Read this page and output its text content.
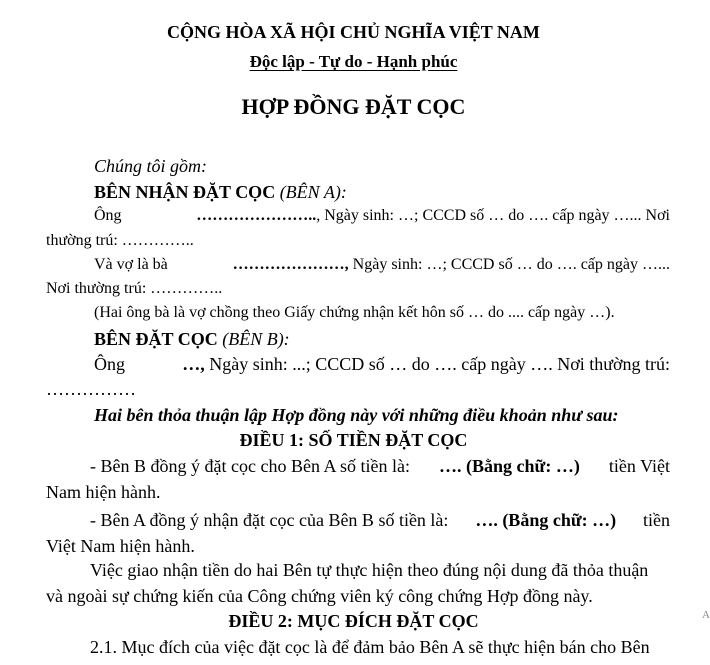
CỘNG HÒA XÃ HỘI CHỦ NGHĨA VIỆT NAM
Độc lập - Tự do - Hạnh phúc
HỢP ĐỒNG ĐẶT CỌC
Chúng tôi gồm:
BÊN NHẬN ĐẶT CỌC (BÊN A):
Ông	………………….., Ngày sinh: …; CCCD số … do …. cấp ngày …... Nơi
thường trú: …………..
Và vợ là bà	…………………, Ngày sinh: …; CCCD số … do …. cấp ngày …...
Nơi thường trú: …………..
(Hai ông bà là vợ chồng theo Giấy chứng nhận kết hôn số … do .... cấp ngày …).
BÊN ĐẶT CỌC (BÊN B):
Ông	…, Ngày sinh: ...; CCCD số … do …. cấp ngày …. Nơi thường trú:
……………
Hai bên thỏa thuận lập Hợp đồng này với những điều khoản như sau:
ĐIỀU 1: SỐ TIỀN ĐẶT CỌC
- Bên B đồng ý đặt cọc cho Bên A số tiền là: …. (Bằng chữ: …) tiền Việt
Nam hiện hành.
- Bên A đồng ý nhận đặt cọc của Bên B số tiền là: …. (Bằng chữ: …) tiền
Việt Nam hiện hành.
Việc giao nhận tiền do hai Bên tự thực hiện theo đúng nội dung đã thỏa thuận
và ngoài sự chứng kiến của Công chứng viên ký công chứng Hợp đồng này.
ĐIỀU 2: MỤC ĐÍCH ĐẶT CỌC
2.1. Mục đích của việc đặt cọc là để đảm bảo Bên A sẽ thực hiện bán cho Bên
A
